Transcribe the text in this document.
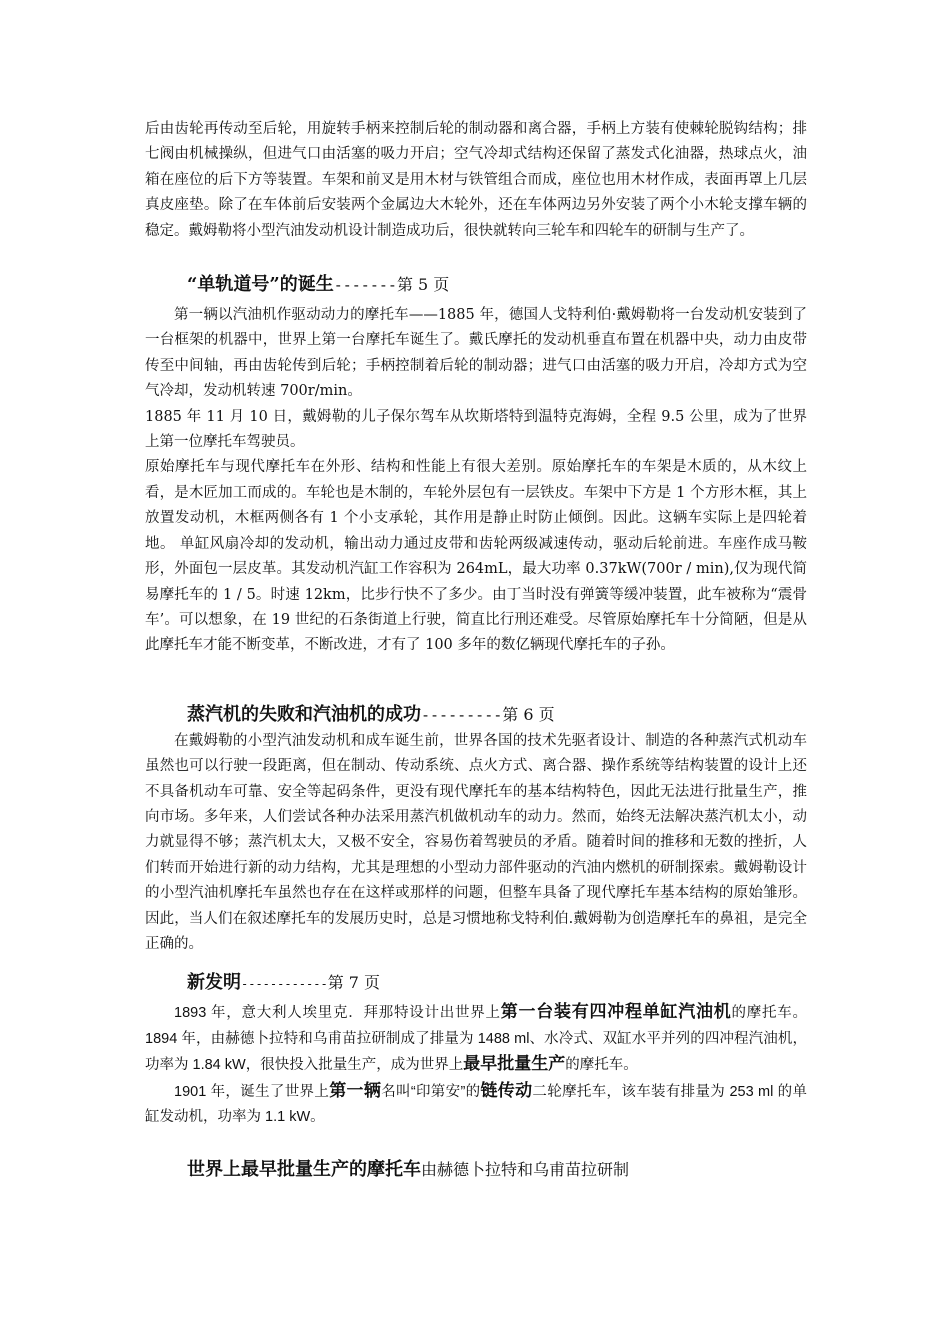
后由齿轮再传动至后轮，用旋转手柄来控制后轮的制动器和离合器，手柄上方装有使棘轮脱钩结构；排七阀由机械操纵，但进气口由活塞的吸力开启；空气冷却式结构还保留了蒸发式化油器，热球点火，油箱在座位的后下方等装置。车架和前叉是用木材与铁管组合而成，座位也用木材作成，表面再罩上几层真皮座垫。除了在车体前后安装两个金属边大木轮外，还在车体两边另外安装了两个小木轮支撑车辆的稳定。戴姆勒将小型汽油发动机设计制造成功后，很快就转向三轮车和四轮车的研制与生产了。

“单轨道号”的诞生-------第 5 页

第一辆以汽油机作驱动动力的摩托车——1885 年，德国人戈特利伯·戴姆勒将一台发动机安装到了一台框架的机器中，世界上第一台摩托车诞生了。戴氏摩托的发动机垂直布置在机器中央，动力由皮带传至中间轴，再由齿轮传到后轮；手柄控制着后轮的制动器；进气口由活塞的吸力开启，冷却方式为空气冷却，发动机转速 700r/min。

1885 年 11 月 10 日，戴姆勒的儿子保尔驾车从坎斯塔特到温特克海姆，全程 9.5 公里，成为了世界上第一位摩托车驾驶员。

原始摩托车与现代摩托车在外形、结构和性能上有很大差别。原始摩托车的车架是木质的，从木纹上看，是木匠加工而成的。车轮也是木制的，车轮外层包有一层铁皮。车架中下方是 1 个方形木框，其上放置发动机，木框两侧各有 1 个小支承轮，其作用是静止时防止倾倒。因此。这辆车实际上是四轮着地。 单缸风扇冷却的发动机，输出动力通过皮带和齿轮两级减速传动，驱动后轮前进。车座作成马鞍形，外面包一层皮革。其发动机汽缸工作容积为 264mL，最大功率 0.37kW(700r / min),仅为现代简易摩托车的 1 / 5。时速 12km，比步行快不了多少。由丁当时没有弹簧等缓冲装置，此车被称为“震骨车’。可以想象，在 19 世纪的石条街道上行驶，简直比行刑还难受。尽管原始摩托车十分简陋，但是从此摩托车才能不断变革，不断改进，才有了 100 多年的数亿辆现代摩托车的子孙。

蒸汽机的失败和汽油机的成功---------第 6 页

在戴姆勒的小型汽油发动机和成车诞生前，世界各国的技术先驱者设计、制造的各种蒸汽式机动车虽然也可以行驶一段距离，但在制动、传动系统、点火方式、离合器、操作系统等结构装置的设计上还不具备机动车可靠、安全等起码条件，更没有现代摩托车的基本结构特色，因此无法进行批量生产，推向市场。多年来，人们尝试各种办法采用蒸汽机做机动车的动力。然而，始终无法解决蒸汽机太小，动力就显得不够；蒸汽机太大，又极不安全，容易伤着驾驶员的矛盾。随着时间的推移和无数的挫折，人们转而开始进行新的动力结构，尤其是理想的小型动力部件驱动的汽油内燃机的研制探索。戴姆勒设计的小型汽油机摩托车虽然也存在在这样或那样的问题，但整车具备了现代摩托车基本结构的原始雏形。因此，当人们在叙述摩托车的发展历史时，总是习惯地称戈特利伯.戴姆勒为创造摩托车的鼻祖，是完全正确的。

新发明------------第 7 页

1893 年，意大利人埃里克．拜那特设计出世界上第一台装有四冲程单缸汽油机的摩托车。1894 年，由赫德卜拉特和乌甫苗拉研制成了排量为 1488 ml、水冷式、双缸水平并列的四冲程汽油机，功率为 1.84 kW，很快投入批量生产，成为世界上最早批量生产的摩托车。

1901 年，诞生了世界上第一辆名叫“印第安”的链传动二轮摩托车，该车装有排量为 253 ml 的单缸发动机，功率为 1.1 kW。

世界上最早批量生产的摩托车由赫德卜拉特和乌甫苗拉研制
